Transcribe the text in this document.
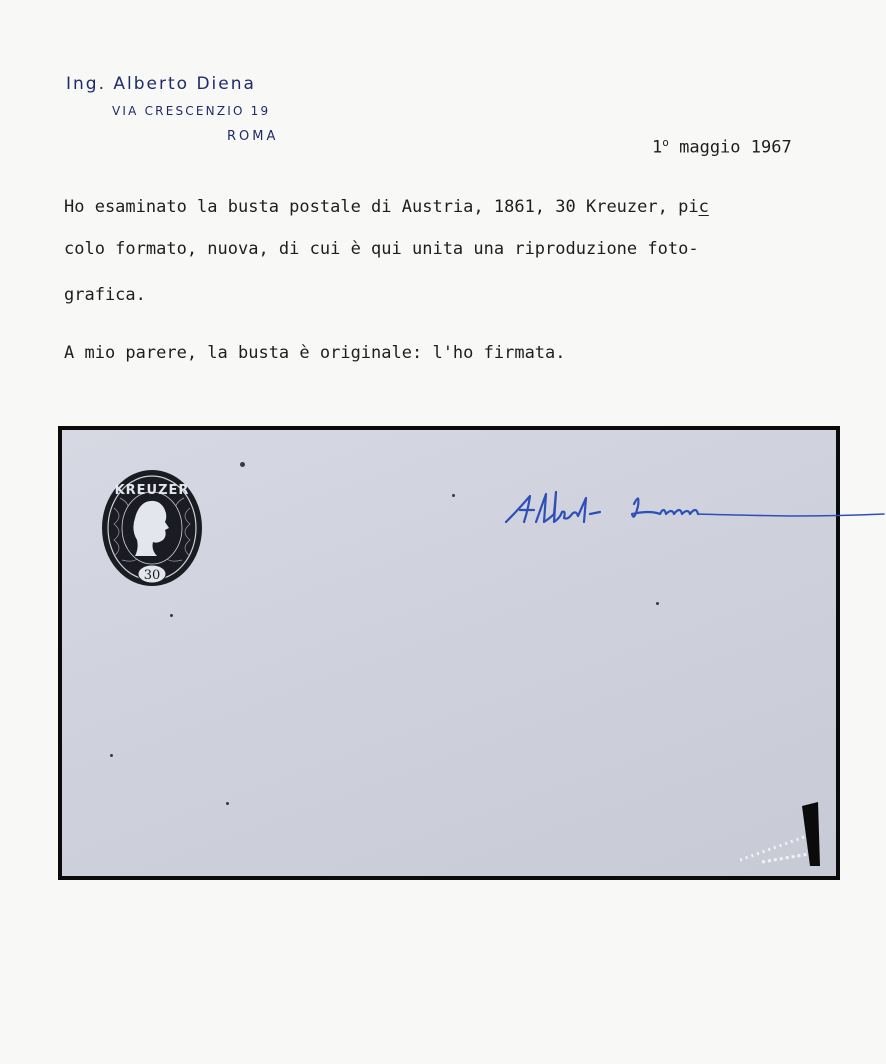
Ing. Alberto Diena
VIA CRESCENZIO 19
ROMA
1$^o$ maggio 1967
Ho esaminato la busta postale di Austria, 1861, 30 Kreuzer, pic
colo formato, nuova, di cui è qui unita una riproduzione foto-
grafica.
A mio parere, la busta è originale: l'ho firmata.
KREUZER
30
